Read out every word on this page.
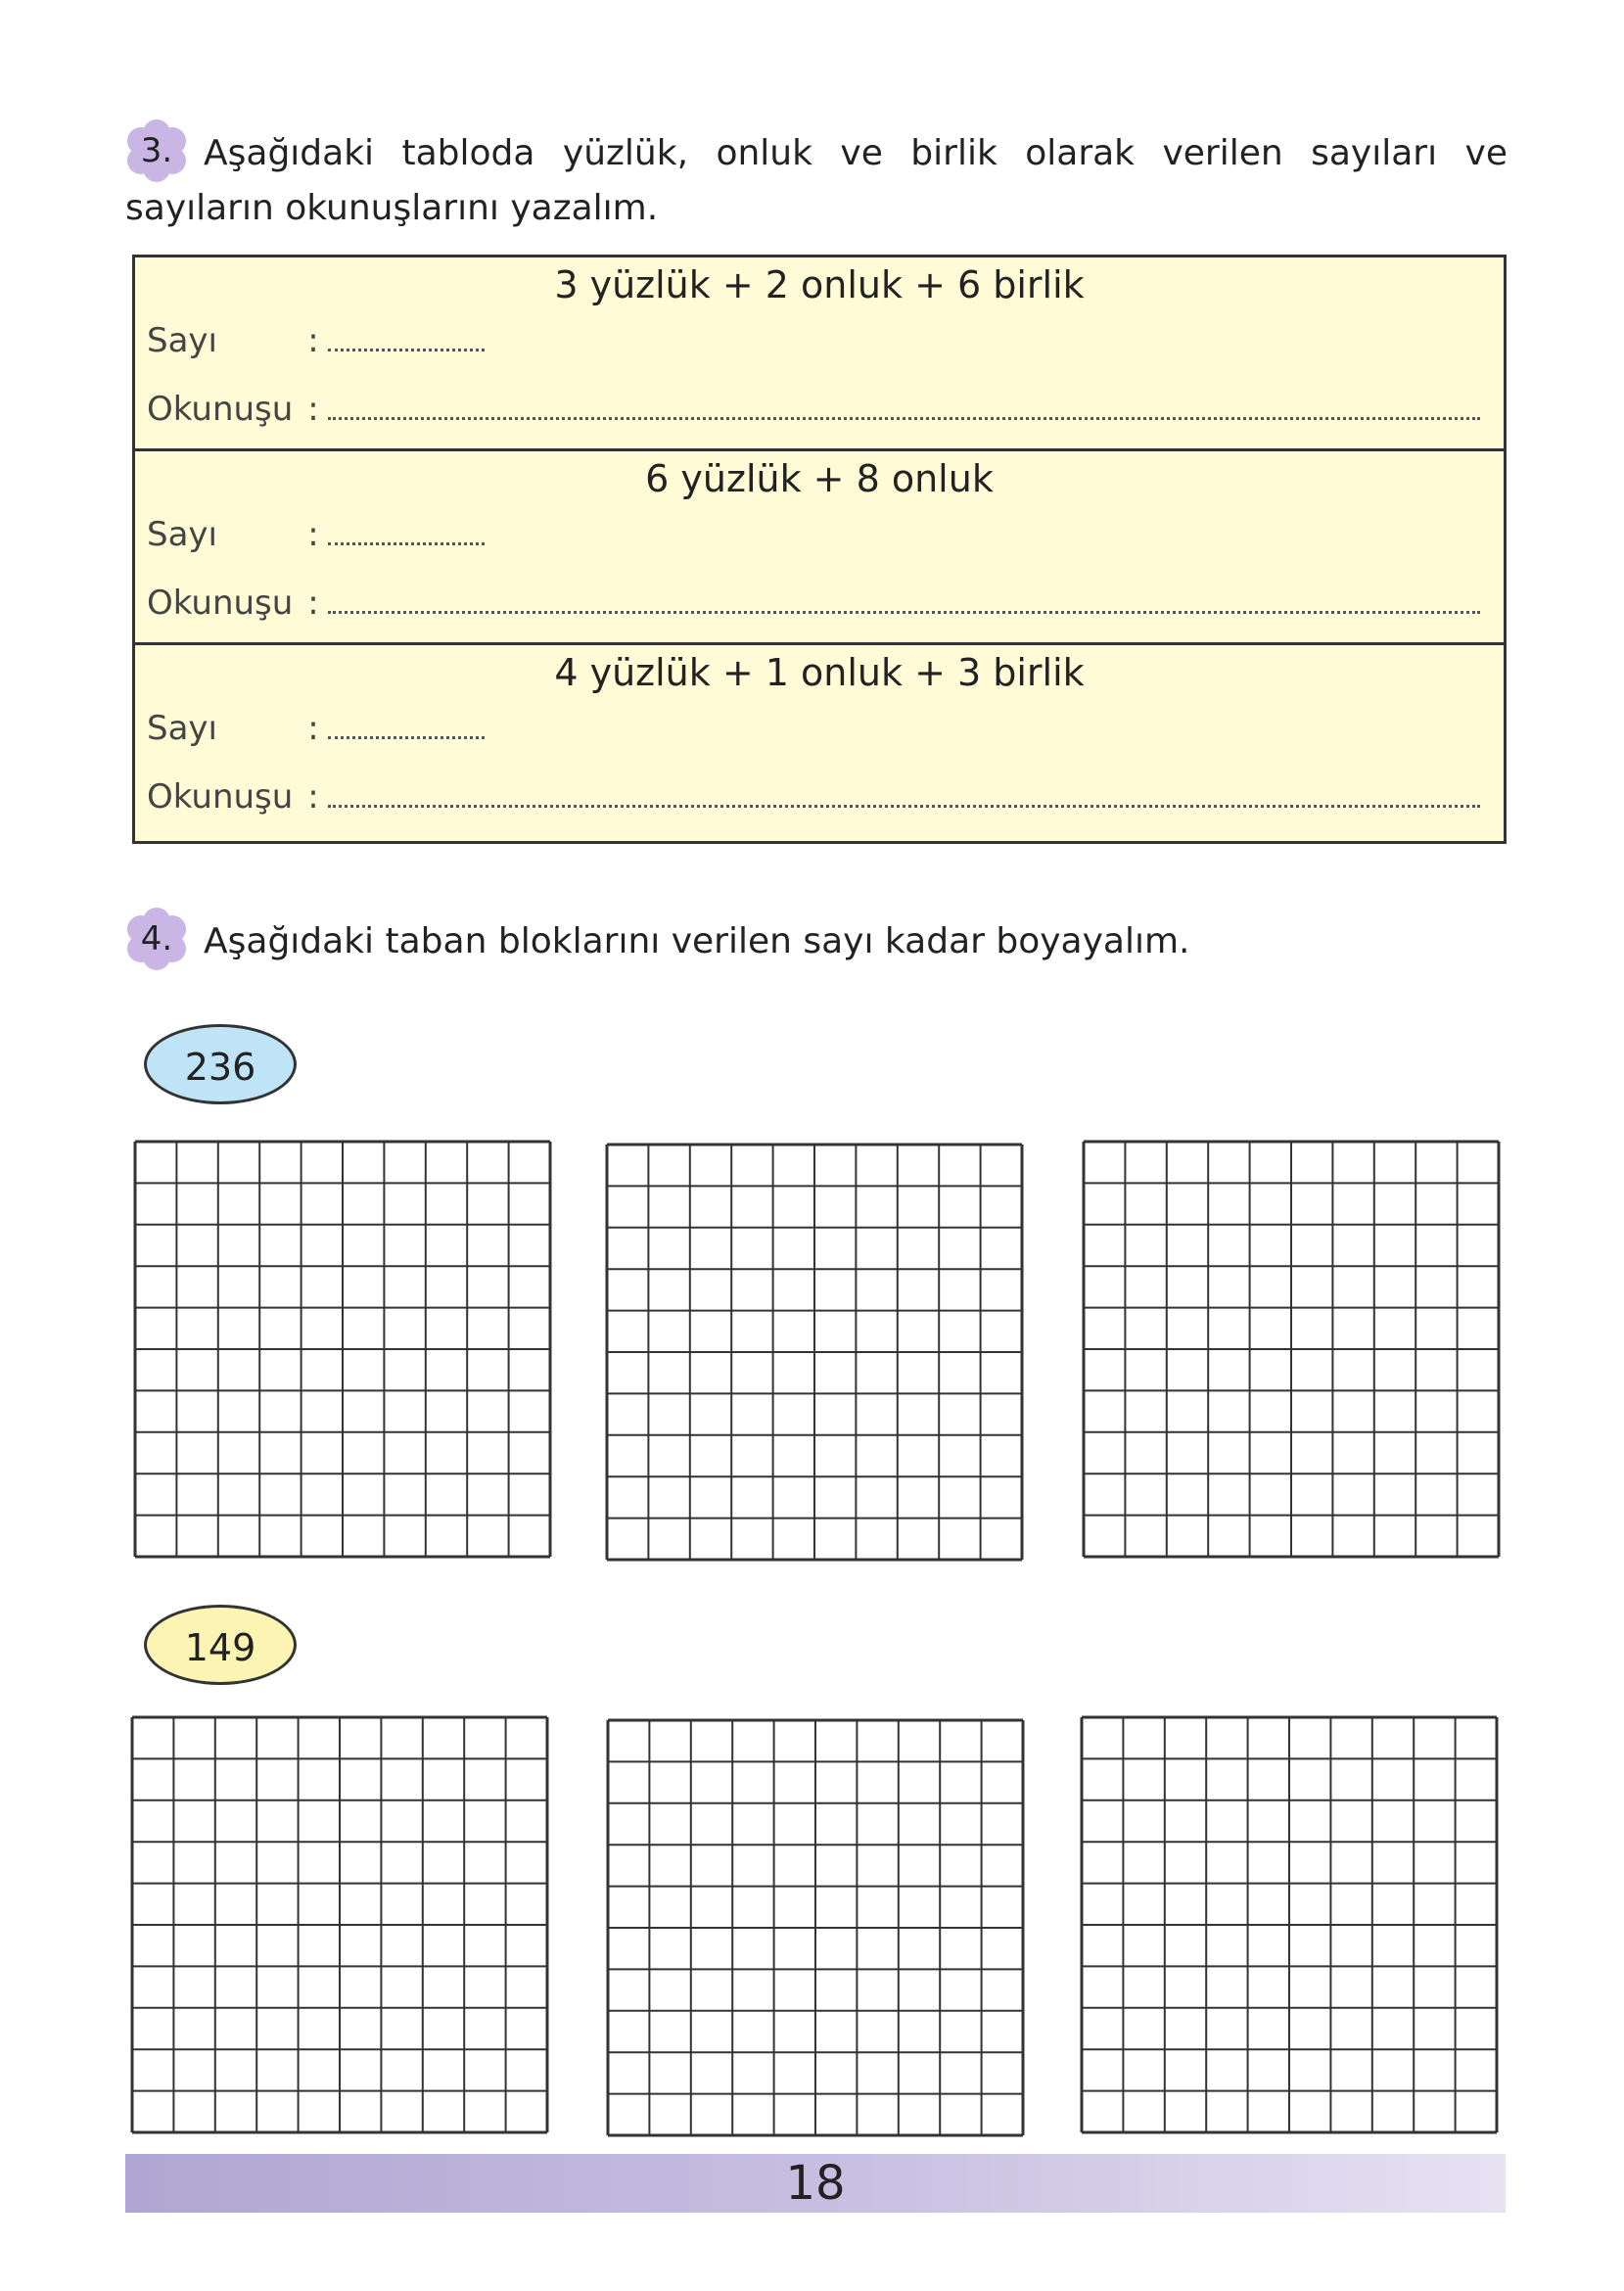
3. Aşağıdaki tabloda yüzlük, onluk ve birlik olarak verilen sayıları ve sayıların okunuşlarını yazalım.
3 yüzlük + 2 onluk + 6 birlik
Sayı	:
Okunuşu :
6 yüzlük + 8 onluk
Sayı	:
Okunuşu :
4 yüzlük + 1 onluk + 3 birlik
Sayı	:
Okunuşu :
4. Aşağıdaki taban bloklarını verilen sayı kadar boyayalım.
236
149
18
